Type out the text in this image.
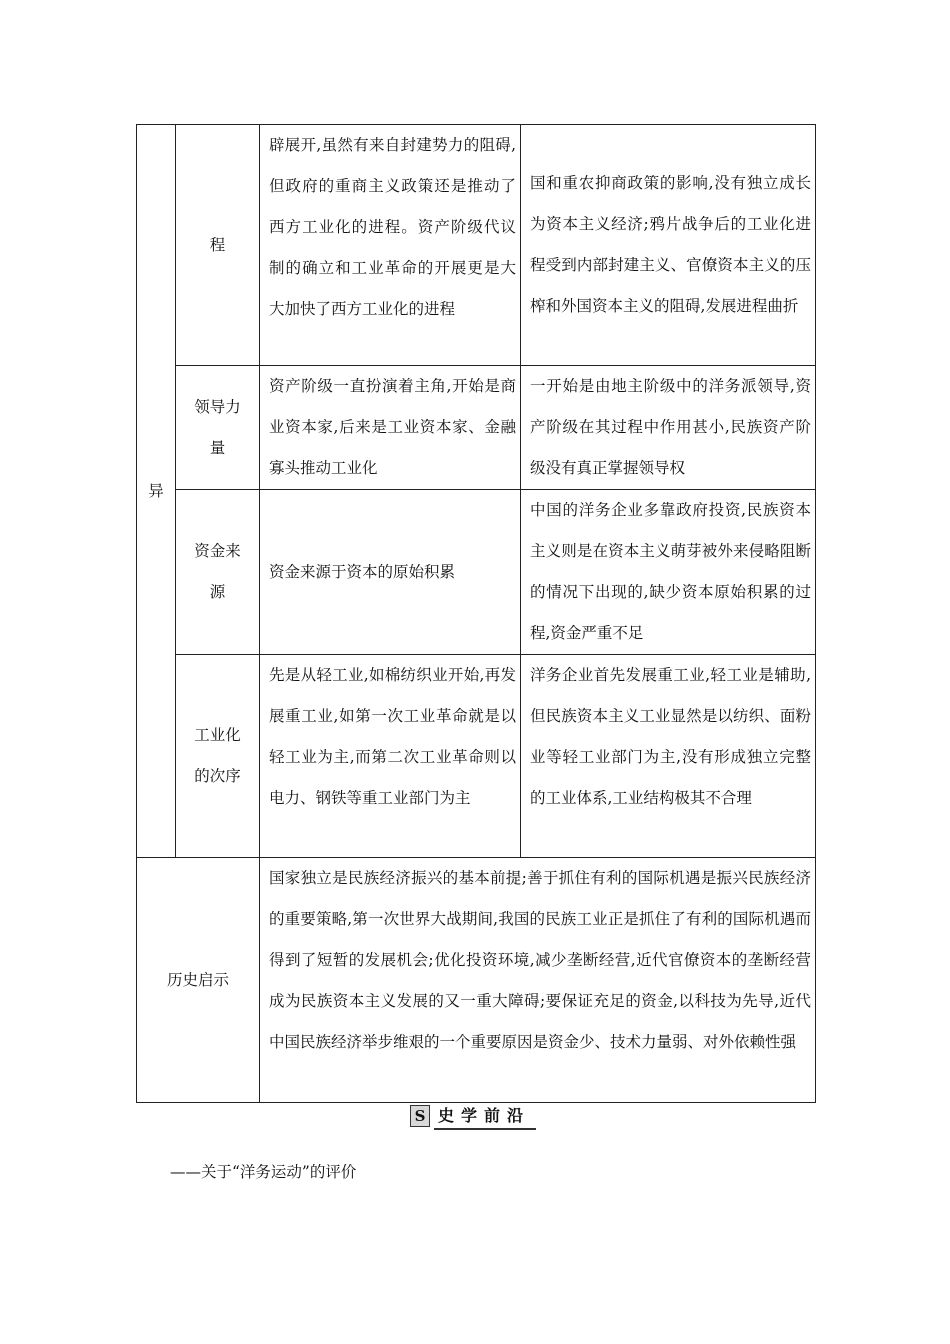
异	程	辟展开,虽然有来自封建势力的阻碍,但政府的重商主义政策还是推动了西方工业化的进程。资产阶级代议制的确立和工业革命的开展更是大大加快了西方工业化的进程	国和重农抑商政策的影响,没有独立成长为资本主义经济;鸦片战争后的工业化进程受到内部封建主义、官僚资本主义的压榨和外国资本主义的阻碍,发展进程曲折
	领导力量	资产阶级一直扮演着主角,开始是商业资本家,后来是工业资本家、金融寡头推动工业化	一开始是由地主阶级中的洋务派领导,资产阶级在其过程中作用甚小,民族资产阶级没有真正掌握领导权
	资金来源	资金来源于资本的原始积累	中国的洋务企业多靠政府投资,民族资本主义则是在资本主义萌芽被外来侵略阻断的情况下出现的,缺少资本原始积累的过程,资金严重不足
	工业化的次序	先是从轻工业,如棉纺织业开始,再发展重工业,如第一次工业革命就是以轻工业为主,而第二次工业革命则以电力、钢铁等重工业部门为主	洋务企业首先发展重工业,轻工业是辅助,但民族资本主义工业显然是以纺织、面粉业等轻工业部门为主,没有形成独立完整的工业体系,工业结构极其不合理
历史启示		国家独立是民族经济振兴的基本前提;善于抓住有利的国际机遇是振兴民族经济的重要策略,第一次世界大战期间,我国的民族工业正是抓住了有利的国际机遇而得到了短暂的发展机会;优化投资环境,减少垄断经营,近代官僚资本的垄断经营成为民族资本主义发展的又一重大障碍;要保证充足的资金,以科技为先导,近代中国民族经济举步维艰的一个重要原因是资金少、技术力量弱、对外依赖性强	
S 史学前沿
——关于“洋务运动”的评价
